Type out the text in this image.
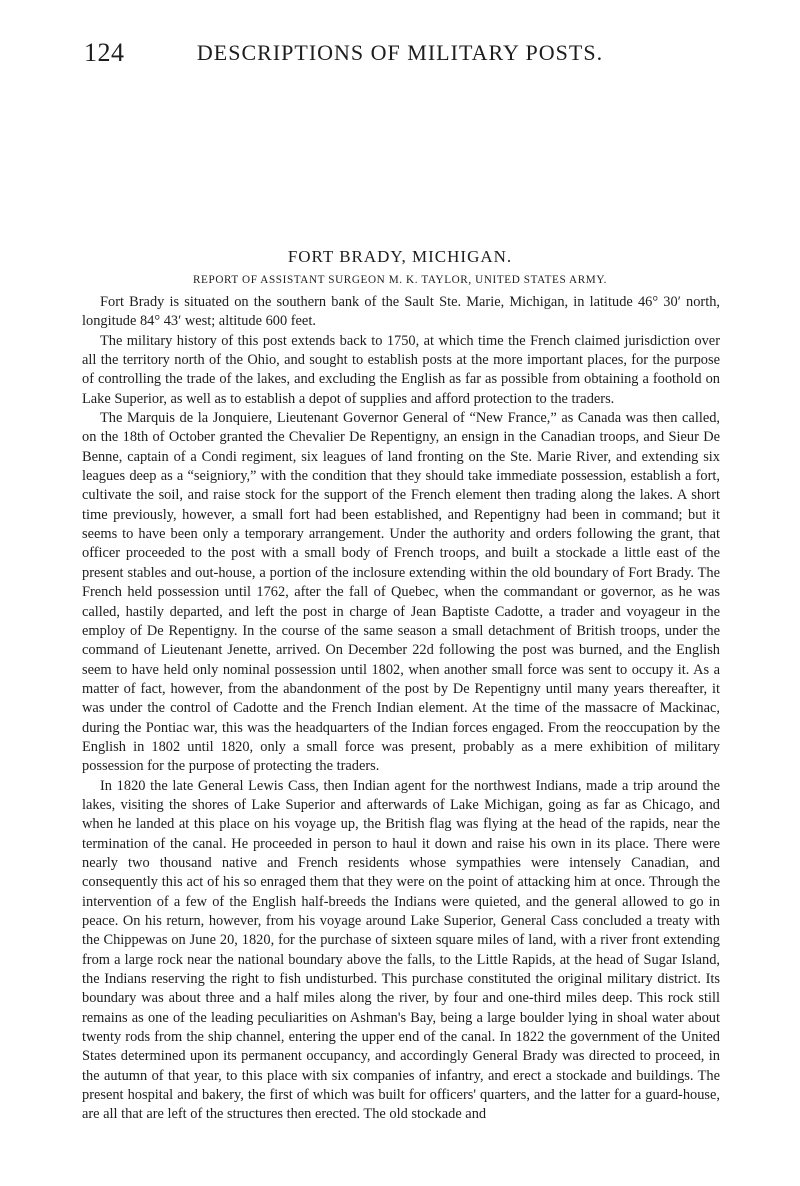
124	DESCRIPTIONS OF MILITARY POSTS.
FORT BRADY, MICHIGAN.
REPORT OF ASSISTANT SURGEON M. K. TAYLOR, UNITED STATES ARMY.

Fort Brady is situated on the southern bank of the Sault Ste. Marie, Michigan, in latitude 46° 30′ north, longitude 84° 43′ west; altitude 600 feet.

The military history of this post extends back to 1750, at which time the French claimed jurisdiction over all the territory north of the Ohio, and sought to establish posts at the more important places, for the purpose of controlling the trade of the lakes, and excluding the English as far as possible from obtaining a foothold on Lake Superior, as well as to establish a depot of supplies and afford protection to the traders.

The Marquis de la Jonquiere, Lieutenant Governor General of “New France,” as Canada was then called, on the 18th of October granted the Chevalier De Repentigny, an ensign in the Canadian troops, and Sieur De Benne, captain of a Condi regiment, six leagues of land fronting on the Ste. Marie River, and extending six leagues deep as a “seigniory,” with the condition that they should take immediate possession, establish a fort, cultivate the soil, and raise stock for the support of the French element then trading along the lakes. A short time previously, however, a small fort had been established, and Repentigny had been in command; but it seems to have been only a temporary arrangement. Under the authority and orders following the grant, that officer proceeded to the post with a small body of French troops, and built a stockade a little east of the present stables and out-house, a portion of the inclosure extending within the old boundary of Fort Brady. The French held possession until 1762, after the fall of Quebec, when the commandant or governor, as he was called, hastily departed, and left the post in charge of Jean Baptiste Cadotte, a trader and voyageur in the employ of De Repentigny. In the course of the same season a small detachment of British troops, under the command of Lieutenant Jenette, arrived. On December 22d following the post was burned, and the English seem to have held only nominal possession until 1802, when another small force was sent to occupy it. As a matter of fact, however, from the abandonment of the post by De Repentigny until many years thereafter, it was under the control of Cadotte and the French Indian element. At the time of the massacre of Mackinac, during the Pontiac war, this was the headquarters of the Indian forces engaged. From the reoccupation by the English in 1802 until 1820, only a small force was present, probably as a mere exhibition of military possession for the purpose of protecting the traders.

In 1820 the late General Lewis Cass, then Indian agent for the northwest Indians, made a trip around the lakes, visiting the shores of Lake Superior and afterwards of Lake Michigan, going as far as Chicago, and when he landed at this place on his voyage up, the British flag was flying at the head of the rapids, near the termination of the canal. He proceeded in person to haul it down and raise his own in its place. There were nearly two thousand native and French residents whose sympathies were intensely Canadian, and consequently this act of his so enraged them that they were on the point of attacking him at once. Through the intervention of a few of the English half-breeds the Indians were quieted, and the general allowed to go in peace. On his return, however, from his voyage around Lake Superior, General Cass concluded a treaty with the Chippewas on June 20, 1820, for the purchase of sixteen square miles of land, with a river front extending from a large rock near the national boundary above the falls, to the Little Rapids, at the head of Sugar Island, the Indians reserving the right to fish undisturbed. This purchase constituted the original military district. Its boundary was about three and a half miles along the river, by four and one-third miles deep. This rock still remains as one of the leading peculiarities on Ashman's Bay, being a large boulder lying in shoal water about twenty rods from the ship channel, entering the upper end of the canal. In 1822 the government of the United States determined upon its permanent occupancy, and accordingly General Brady was directed to proceed, in the autumn of that year, to this place with six companies of infantry, and erect a stockade and buildings. The present hospital and bakery, the first of which was built for officers' quarters, and the latter for a guard-house, are all that are left of the structures then erected. The old stockade and
